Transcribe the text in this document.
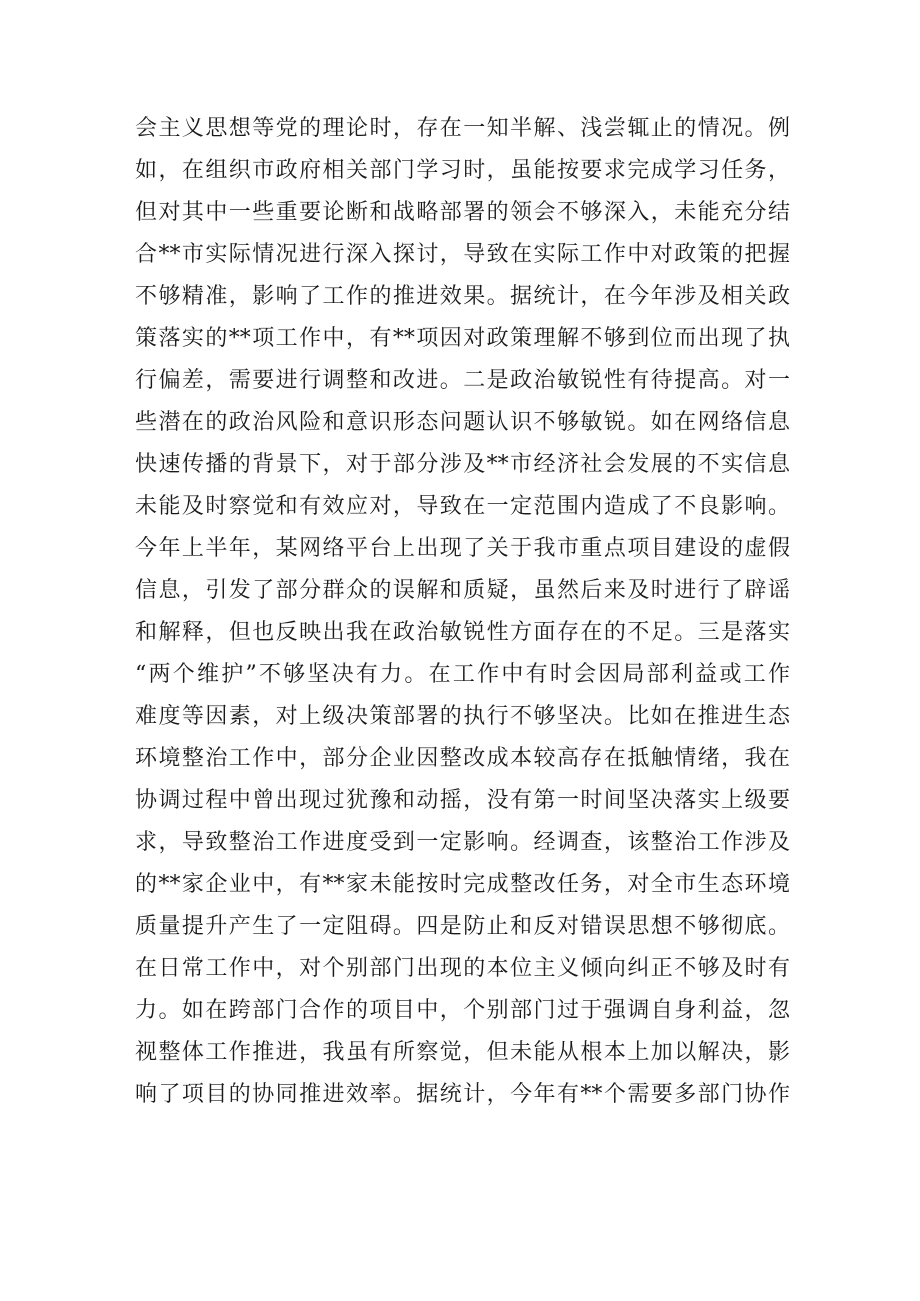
会主义思想等党的理论时，存在一知半解、浅尝辄止的情况。例
如，在组织市政府相关部门学习时，虽能按要求完成学习任务，
但对其中一些重要论断和战略部署的领会不够深入，未能充分结
合**市实际情况进行深入探讨，导致在实际工作中对政策的把握
不够精准，影响了工作的推进效果。据统计，在今年涉及相关政
策落实的**项工作中，有**项因对政策理解不够到位而出现了执
行偏差，需要进行调整和改进。二是政治敏锐性有待提高。对一
些潜在的政治风险和意识形态问题认识不够敏锐。如在网络信息
快速传播的背景下，对于部分涉及**市经济社会发展的不实信息
未能及时察觉和有效应对，导致在一定范围内造成了不良影响。
今年上半年，某网络平台上出现了关于我市重点项目建设的虚假
信息，引发了部分群众的误解和质疑，虽然后来及时进行了辟谣
和解释，但也反映出我在政治敏锐性方面存在的不足。三是落实
“两个维护”不够坚决有力。在工作中有时会因局部利益或工作
难度等因素，对上级决策部署的执行不够坚决。比如在推进生态
环境整治工作中，部分企业因整改成本较高存在抵触情绪，我在
协调过程中曾出现过犹豫和动摇，没有第一时间坚决落实上级要
求，导致整治工作进度受到一定影响。经调查，该整治工作涉及
的**家企业中，有**家未能按时完成整改任务，对全市生态环境
质量提升产生了一定阻碍。四是防止和反对错误思想不够彻底。
在日常工作中，对个别部门出现的本位主义倾向纠正不够及时有
力。如在跨部门合作的项目中，个别部门过于强调自身利益，忽
视整体工作推进，我虽有所察觉，但未能从根本上加以解决，影
响了项目的协同推进效率。据统计，今年有**个需要多部门协作
